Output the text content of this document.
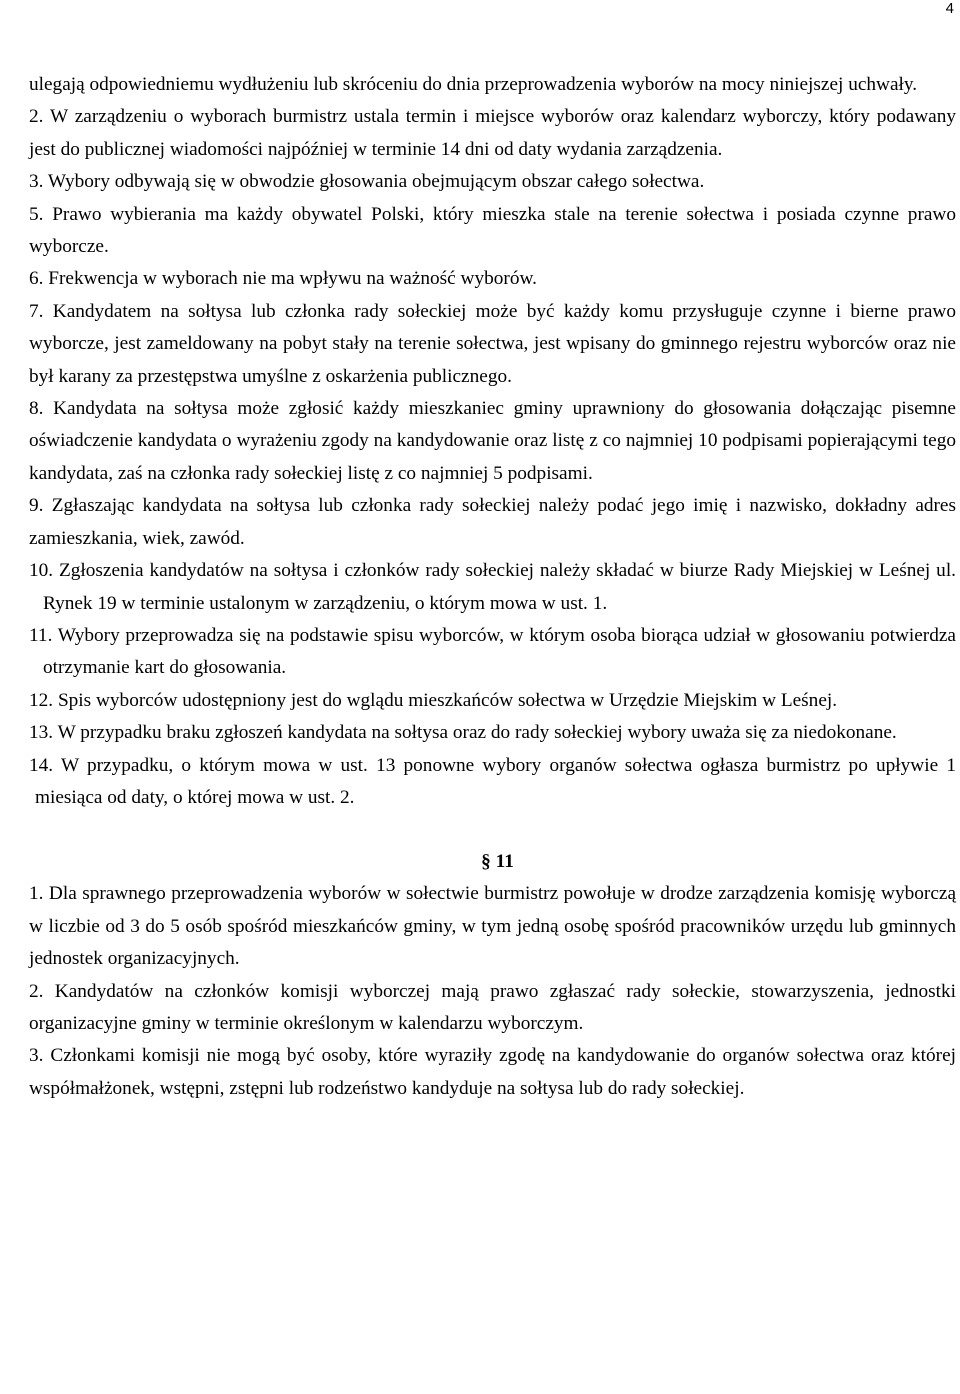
4

ulegają odpowiedniemu wydłużeniu lub skróceniu do dnia przeprowadzenia wyborów na mocy niniejszej uchwały.

2. W zarządzeniu o wyborach burmistrz ustala termin i miejsce wyborów oraz kalendarz wyborczy, który podawany jest do publicznej wiadomości najpóźniej w terminie 14 dni od daty wydania zarządzenia.

3. Wybory odbywają się w obwodzie głosowania obejmującym obszar całego sołectwa.

5. Prawo wybierania ma każdy obywatel Polski, który mieszka stale na terenie sołectwa i posiada czynne prawo wyborcze.

6. Frekwencja w wyborach nie ma wpływu na ważność wyborów.

7. Kandydatem na sołtysa lub członka rady sołeckiej może być każdy komu przysługuje czynne i bierne prawo wyborcze, jest zameldowany na pobyt stały na terenie sołectwa, jest wpisany do gminnego rejestru wyborców oraz nie był karany za przestępstwa umyślne z oskarżenia publicznego.

8. Kandydata na sołtysa może zgłosić każdy mieszkaniec gminy uprawniony do głosowania dołączając pisemne oświadczenie kandydata o wyrażeniu zgody na kandydowanie oraz listę z co najmniej 10 podpisami popierającymi tego kandydata, zaś na członka rady sołeckiej listę z co najmniej 5 podpisami.

9. Zgłaszając kandydata na sołtysa lub członka rady sołeckiej należy podać jego imię i nazwisko, dokładny adres zamieszkania, wiek, zawód.

10. Zgłoszenia kandydatów na sołtysa i członków rady sołeckiej należy składać w biurze Rady Miejskiej w Leśnej ul. Rynek 19 w terminie ustalonym w zarządzeniu, o którym mowa w ust. 1.

11. Wybory przeprowadza się na podstawie spisu wyborców, w którym osoba biorąca udział w głosowaniu potwierdza otrzymanie kart do głosowania.

12. Spis wyborców udostępniony jest do wglądu mieszkańców sołectwa w Urzędzie Miejskim w Leśnej.

13. W przypadku braku zgłoszeń kandydata na sołtysa oraz do rady sołeckiej wybory uważa się za niedokonane.

14. W przypadku, o którym mowa w ust. 13 ponowne wybory organów sołectwa ogłasza burmistrz po upływie 1 miesiąca od daty, o której mowa w ust. 2.

§ 11

1. Dla sprawnego przeprowadzenia wyborów w sołectwie burmistrz powołuje w drodze zarządzenia komisję wyborczą w liczbie od 3 do 5 osób spośród mieszkańców gminy, w tym jedną osobę spośród pracowników urzędu lub gminnych jednostek organizacyjnych.

2. Kandydatów na członków komisji wyborczej mają prawo zgłaszać rady sołeckie, stowarzyszenia, jednostki organizacyjne gminy w terminie określonym w kalendarzu wyborczym.

3. Członkami komisji nie mogą być osoby, które wyraziły zgodę na kandydowanie do organów sołectwa oraz której współmałżonek, wstępni, zstępni lub rodzeństwo kandyduje na sołtysa lub do rady sołeckiej.
